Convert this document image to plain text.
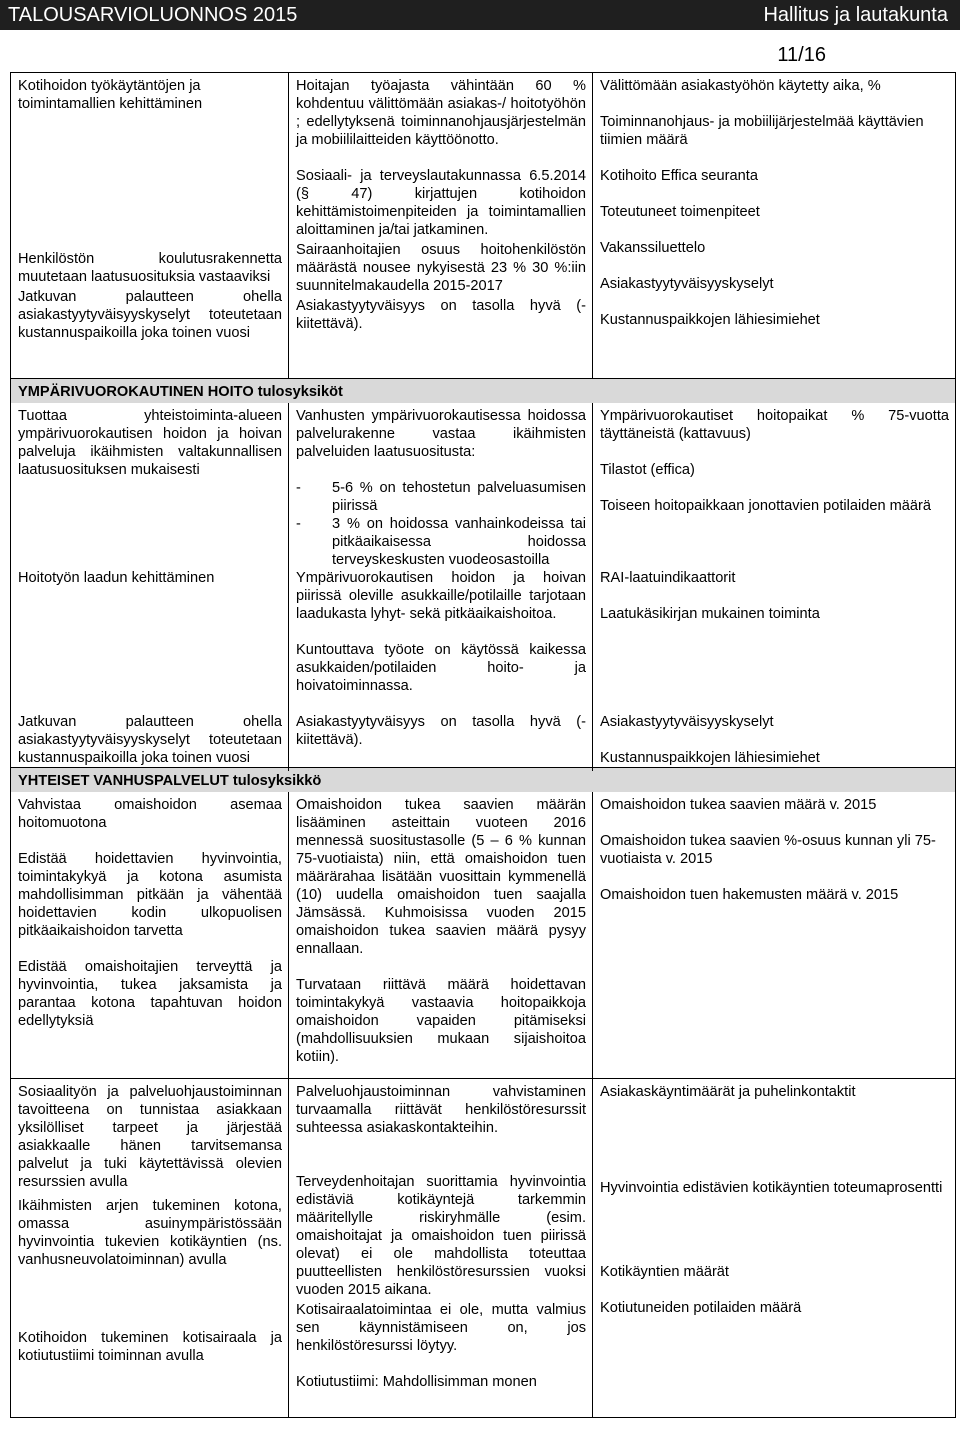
TALOUSARVIOLUONNOS 2015	Hallitus ja lautakunta
11/16

Kotihoidon työkäytäntöjen ja toimintamallien kehittäminen

Henkilöstön koulutusrakennetta muutetaan laatusuosituksia vastaaviksi

Jatkuvan palautteen ohella asiakastyytyväisyyskyselyt toteutetaan kustannuspaikoilla joka toinen vuosi

Hoitajan työajasta vähintään 60 % kohdentuu välittömään asiakas-/ hoitotyöhön ; edellytyksenä toiminnanohjausjärjestelmän ja mobiililaitteiden käyttöönotto.

Sosiaali- ja terveyslautakunnassa 6.5.2014 (§ 47) kirjattujen kotihoidon kehittämistoimenpiteiden ja toimintamallien aloittaminen ja/tai jatkaminen.

Sairaanhoitajien osuus hoitohenkilöstön määrästä nousee nykyisestä 23 % 30 %:iin suunnitelmakaudella 2015-2017

Asiakastyytyväisyys on tasolla hyvä (- kiitettävä).

Välittömään asiakastyöhön käytetty aika, %

Toiminnanohjaus- ja mobiilijärjestelmää käyttävien tiimien määrä

Kotihoito Effica seuranta

Toteutuneet toimenpiteet

Vakanssiluettelo

Asiakastyytyväisyyskyselyt

Kustannuspaikkojen lähiesimiehet

YMPÄRIVUOROKAUTINEN HOITO tulosyksiköt

Tuottaa yhteistoiminta-alueen ympärivuorokautisen hoidon ja hoivan palveluja ikäihmisten valtakunnallisen laatusuosituksen mukaisesti

Vanhusten ympärivuorokautisessa hoidossa palvelurakenne vastaa ikäihmisten palveluiden laatusuositusta:

- 5-6 % on tehostetun palveluasumisen piirissä
- 3 % on hoidossa vanhainkodeissa tai pitkäaikaisessa hoidossa terveyskeskusten vuodeosastoilla

Ympärivuorokautiset hoitopaikat % 75-vuotta täyttäneistä (kattavuus)

Tilastot (effica)

Toiseen hoitopaikkaan jonottavien potilaiden määrä

Hoitotyön laadun kehittäminen	Ympärivuorokautisen hoidon ja hoivan piirissä oleville asukkaille/potilaille tarjotaan laadukasta lyhyt- sekä pitkäaikaishoitoa.

Kuntouttava työote on käytössä kaikessa asukkaiden/potilaiden hoito- ja hoivatoiminnassa.

RAI-laatuindikaattorit

Laatukäsikirjan mukainen toiminta

Jatkuvan palautteen ohella asiakastyytyväisyyskyselyt toteutetaan kustannuspaikoilla joka toinen vuosi

Asiakastyytyväisyys on tasolla hyvä (- kiitettävä).

Asiakastyytyväisyyskyselyt

Kustannuspaikkojen lähiesimiehet

YHTEISET VANHUSPALVELUT tulosyksikkö

Vahvistaa omaishoidon asemaa hoitomuotona

Edistää hoidettavien hyvinvointia, toimintakykyä ja kotona asumista mahdollisimman pitkään ja vähentää hoidettavien kodin ulkopuolisen pitkäaikaishoidon tarvetta

Edistää omaishoitajien terveyttä ja hyvinvointia, tukea jaksamista ja parantaa kotona tapahtuvan hoidon edellytyksiä

Omaishoidon tukea saavien määrän lisääminen asteittain vuoteen 2016 mennessä suositustasolle (5 – 6 % kunnan 75-vuotiaista) niin, että omaishoidon tuen määrärahaa lisätään vuosittain kymmenellä (10) uudella omaishoidon tuen saajalla Jämsässä. Kuhmoisissa vuoden 2015 omaishoidon tukea saavien määrä pysyy ennallaan.

Turvataan riittävä määrä hoidettavan toimintakykyä vastaavia hoitopaikkoja omaishoidon vapaiden pitämiseksi (mahdollisuuksien mukaan sijaishoitoa kotiin).

Omaishoidon tukea saavien määrä v. 2015

Omaishoidon tukea saavien %-osuus kunnan yli 75-vuotiaista v. 2015

Omaishoidon tuen hakemusten määrä v. 2015

Sosiaalityön ja palveluohjaustoiminnan tavoitteena on tunnistaa asiakkaan yksilölliset tarpeet ja järjestää asiakkaalle hänen tarvitsemansa palvelut ja tuki käytettävissä olevien resurssien avulla

Ikäihmisten arjen tukeminen kotona, omassa asuinympäristössään hyvinvointia tukevien kotikäyntien (ns. vanhusneuvolatoiminnan) avulla

Kotihoidon tukeminen kotisairaala ja kotiutustiimi toiminnan avulla

Palveluohjaustoiminnan vahvistaminen turvaamalla riittävät henkilöstöresurssit suhteessa asiakaskontakteihin.

Terveydenhoitajan suorittamia hyvinvointia edistäviä kotikäyntejä tarkemmin määritellylle riskiryhmälle (esim. omaishoitajat ja omaishoidon tuen piirissä olevat) ei ole mahdollista toteuttaa puutteellisten henkilöstöresurssien vuoksi vuoden 2015 aikana.

Kotisairaalatoimintaa ei ole, mutta valmius sen käynnistämiseen on, jos henkilöstöresurssi löytyy.

Kotiutustiimi: Mahdollisimman monen

Asiakaskäyntimäärät ja puhelinkontaktit

Hyvinvointia edistävien kotikäyntien toteumaprosentti

Kotikäyntien määrät

Kotiutuneiden potilaiden määrä
